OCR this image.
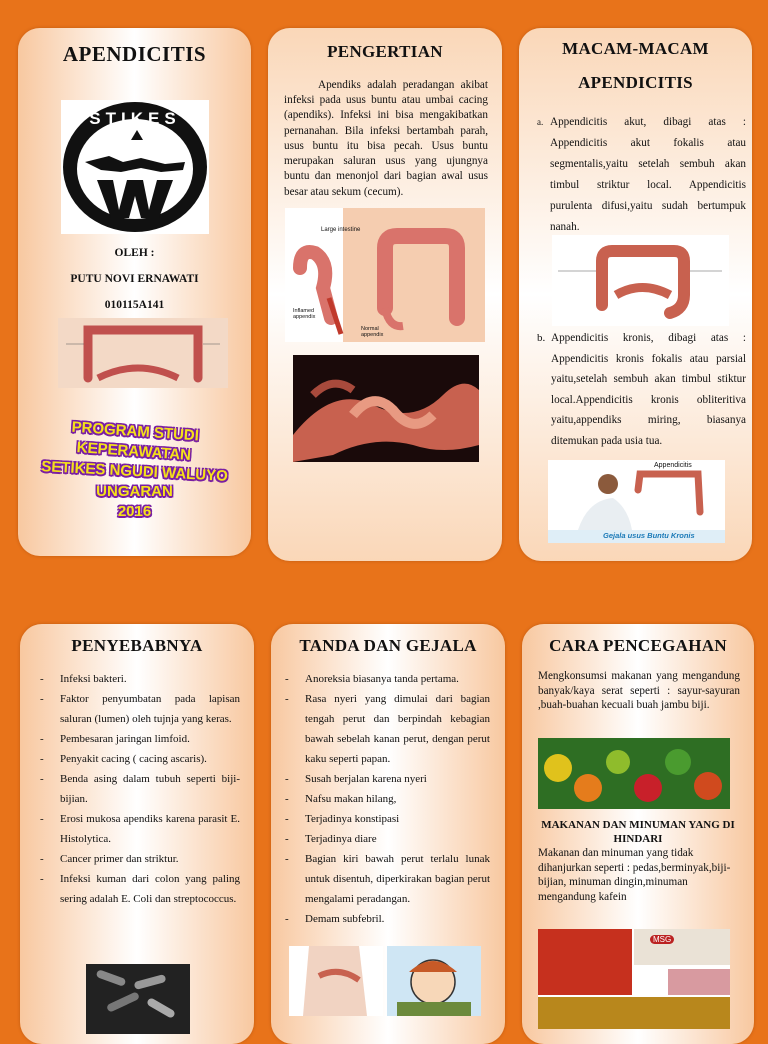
APENDICITIS
STIKES
OLEH :
PUTU NOVI ERNAWATI
010115A141
PROGRAM STUDI KEPERAWATAN
SETIKES NGUDI WALUYO
UNGARAN
2016
PENGERTIAN

Apendiks adalah peradangan akibat infeksi pada usus buntu atau umbai cacing (apendiks). Infeksi ini bisa mengakibatkan pernanahan. Bila infeksi bertambah parah, usus buntu itu bisa pecah. Usus buntu merupakan saluran usus yang ujungnya buntu dan menonjol dari bagian awal usus besar atau sekum (cecum).

Large intestine
Inflamed appendix
Normal appendix
MACAM-MACAM
APENDICITIS
a. Appendicitis akut, dibagi atas : Appendicitis akut fokalis atau segmentalis,yaitu setelah sembuh akan timbul striktur local. Appendicitis purulenta difusi,yaitu sudah bertumpuk nanah.
b. Appendicitis kronis, dibagi atas : Appendicitis kronis fokalis atau parsial yaitu,setelah sembuh akan timbul stiktur local.Appendicitis kronis obliteritiva yaitu,appendiks miring, biasanya ditemukan pada usia tua.
Appendicitis
Gejala usus Buntu Kronis
PENYEBABNYA
- Infeksi bakteri.
- Faktor penyumbatan pada lapisan saluran (lumen) oleh tujnja yang keras.
- Pembesaran jaringan limfoid.
- Penyakit cacing ( cacing ascaris).
- Benda asing dalam tubuh seperti biji-bijian.
- Erosi mukosa apendiks karena parasit E. Histolytica.
- Cancer primer dan striktur.
- Infeksi kuman dari colon yang paling sering adalah E. Coli dan streptococcus.
TANDA DAN GEJALA
- Anoreksia biasanya tanda pertama.
- Rasa nyeri yang dimulai dari bagian tengah perut dan berpindah kebagian bawah sebelah kanan perut, dengan perut kaku seperti papan.
- Susah berjalan karena nyeri
- Nafsu makan hilang,
- Terjadinya konstipasi
- Terjadinya diare
- Bagian kiri bawah perut terlalu lunak untuk disentuh, diperkirakan bagian perut mengalami peradangan.
- Demam subfebril.
CARA PENCEGAHAN

Mengkonsumsi makanan yang mengandung banyak/kaya serat seperti : sayur-sayuran ,buah-buahan kecuali buah jambu biji.

MAKANAN DAN MINUMAN YANG DI HINDARI

Makanan dan minuman yang tidak dihanjurkan seperti : pedas,berminyak,biji-bijian, minuman dingin,minuman mengandung kafein

MSG
